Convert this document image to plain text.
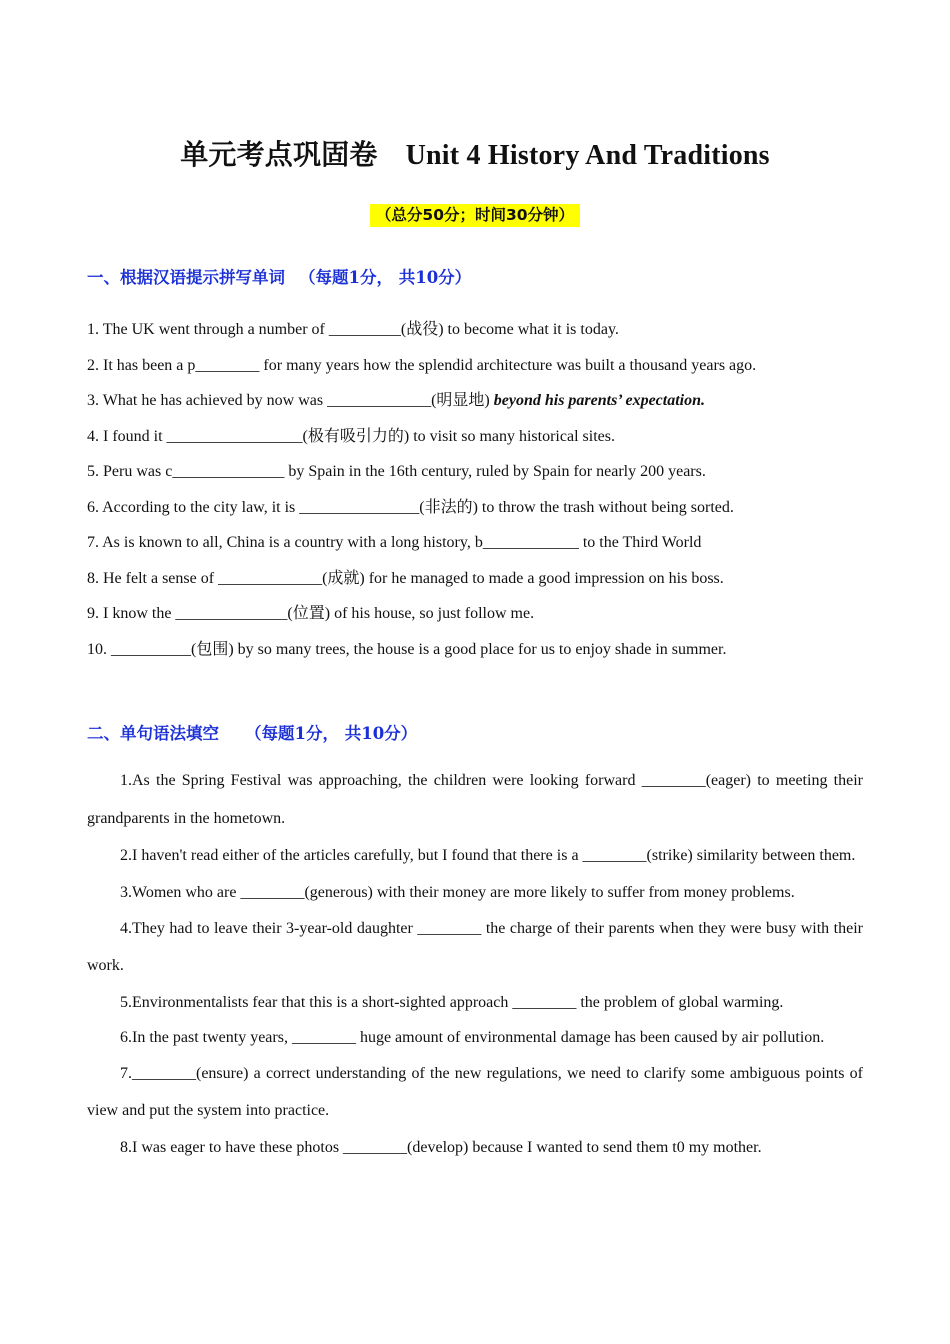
单元考点巩固卷 Unit 4 History And Traditions
（总分50分；时间30分钟）
一、根据汉语提示拼写单词 （每题1分， 共10分）
1. The UK went through a number of _________(战役) to become what it is today.
2. It has been a p________ for many years how the splendid architecture was built a thousand years ago.
3. What he has achieved by now was _____________(明显地) beyond his parents’ expectation.
4. I found it _________________(极有吸引力的) to visit so many historical sites.
5. Peru was c______________ by Spain in the 16th century, ruled by Spain for nearly 200 years.
6. According to the city law, it is _______________(非法的) to throw the trash without being sorted.
7. As is known to all, China is a country with a long history, b____________ to the Third World
8. He felt a sense of _____________(成就) for he managed to made a good impression on his boss.
9. I know the ______________(位置) of his house, so just follow me.
10. __________(包围) by so many trees, the house is a good place for us to enjoy shade in summer.
二、单句语法填空 （每题1分， 共10分）

1.As the Spring Festival was approaching, the children were looking forward ________(eager) to meeting their grandparents in the hometown.

2.I haven't read either of the articles carefully, but I found that there is a ________(strike) similarity between them.

3.Women who are ________(generous) with their money are more likely to suffer from money problems.

4.They had to leave their 3-year-old daughter ________ the charge of their parents when they were busy with their work.

5.Environmentalists fear that this is a short-sighted approach ________ the problem of global warming.

6.In the past twenty years, ________ huge amount of environmental damage has been caused by air pollution.

7.________(ensure) a correct understanding of the new regulations, we need to clarify some ambiguous points of view and put the system into practice.

8.I was eager to have these photos ________(develop) because I wanted to send them t0 my mother.
